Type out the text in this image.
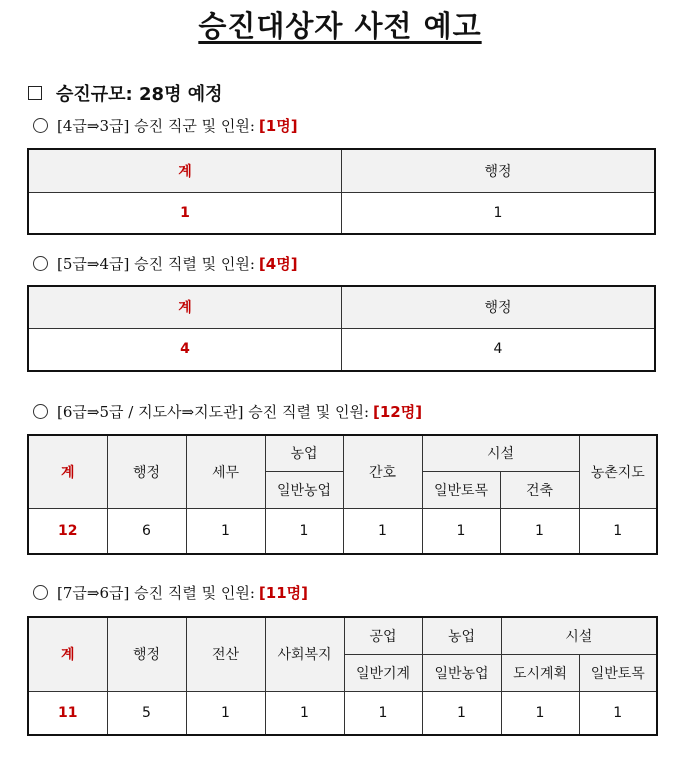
승진대상자 사전 예고
승진규모: 28명 예정
[4급⇒3급] 승진 직군 및 인원: [1명]
계	행정
1	1
[5급⇒4급] 승진 직렬 및 인원: [4명]
계	행정
4	4
[6급⇒5급 / 지도사⇒지도관] 승진 직렬 및 인원: [12명]
계	행정	세무	농업	간호	시설		농촌지도
			일반농업		일반토목	건축	
12	6	1	1	1	1	1	1
[7급⇒6급] 승진 직렬 및 인원: [11명]
계	행정	전산	사회복지	공업	농업	시설	
				일반기계	일반농업	도시계획	일반토목
11	5	1	1	1	1	1	1
